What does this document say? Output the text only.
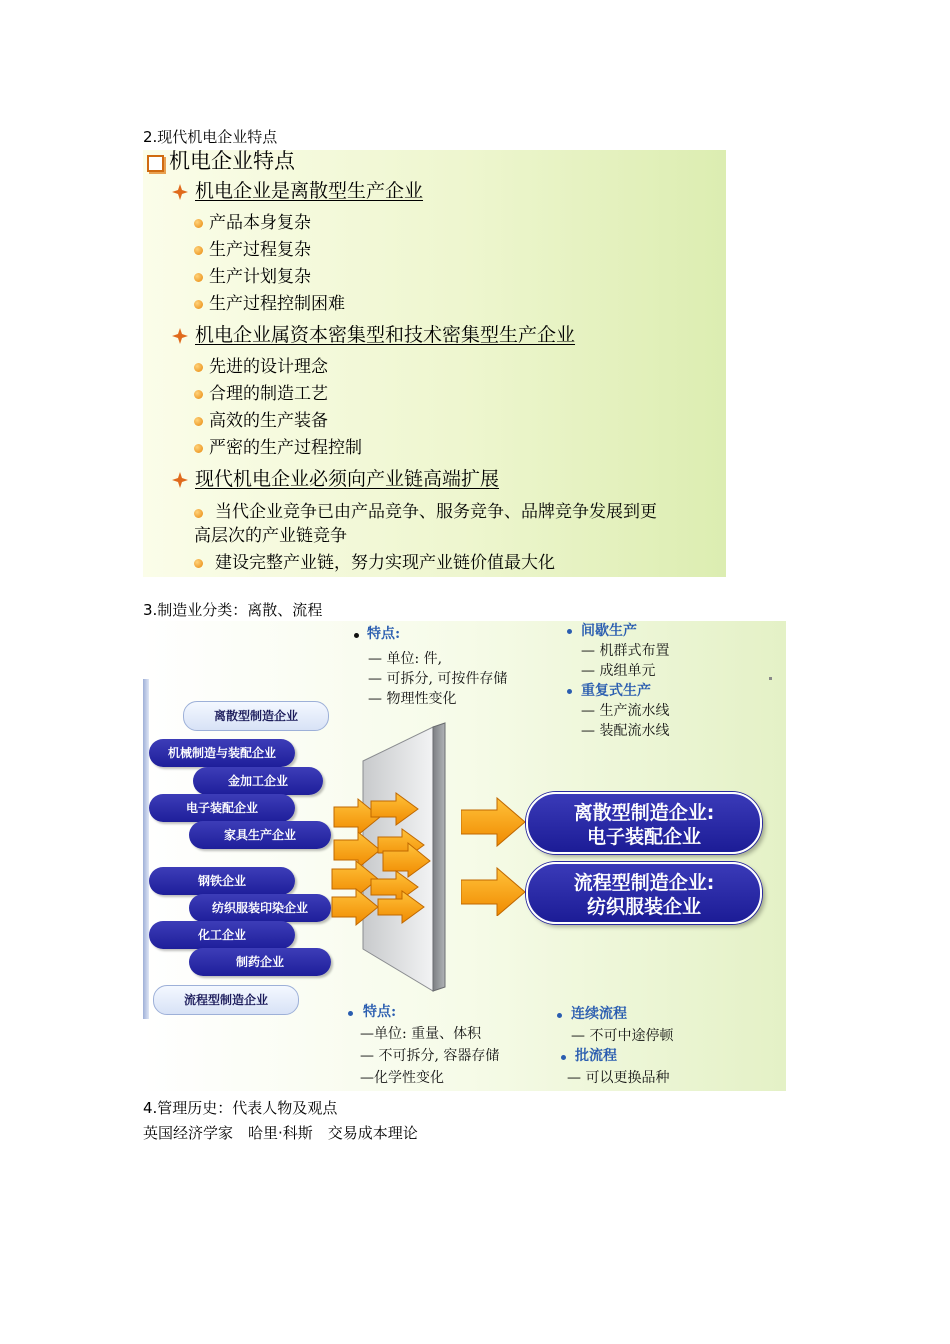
2.现代机电企业特点
机电企业特点
机电企业是离散型生产企业
产品本身复杂
生产过程复杂
生产计划复杂
生产过程控制困难
机电企业属资本密集型和技术密集型生产企业
先进的设计理念
合理的制造工艺
高效的生产装备
严密的生产过程控制
现代机电企业必须向产业链高端扩展
当代企业竞争已由产品竞争、服务竞争、品牌竞争发展到更
高层次的产业链竞争
建设完整产业链，努力实现产业链价值最大化
3.制造业分类：离散、流程
特点:
— 单位: 件,
— 可拆分, 可按件存储
— 物理性变化
间歇生产
— 机群式布置
— 成组单元
重复式生产
— 生产流水线
— 装配流水线
离散型制造企业
机械制造与装配企业
金加工企业
电子装配企业
家具生产企业
钢铁企业
纺织服装印染企业
化工企业
制药企业
流程型制造企业
离散型制造企业:
电子装配企业
流程型制造企业:
纺织服装企业
特点:
—单位: 重量、体积
— 不可拆分, 容器存储
—化学性变化
连续流程
— 不可中途停顿
批流程
— 可以更换品种
4.管理历史：代表人物及观点
英国经济学家　哈里·科斯　交易成本理论
